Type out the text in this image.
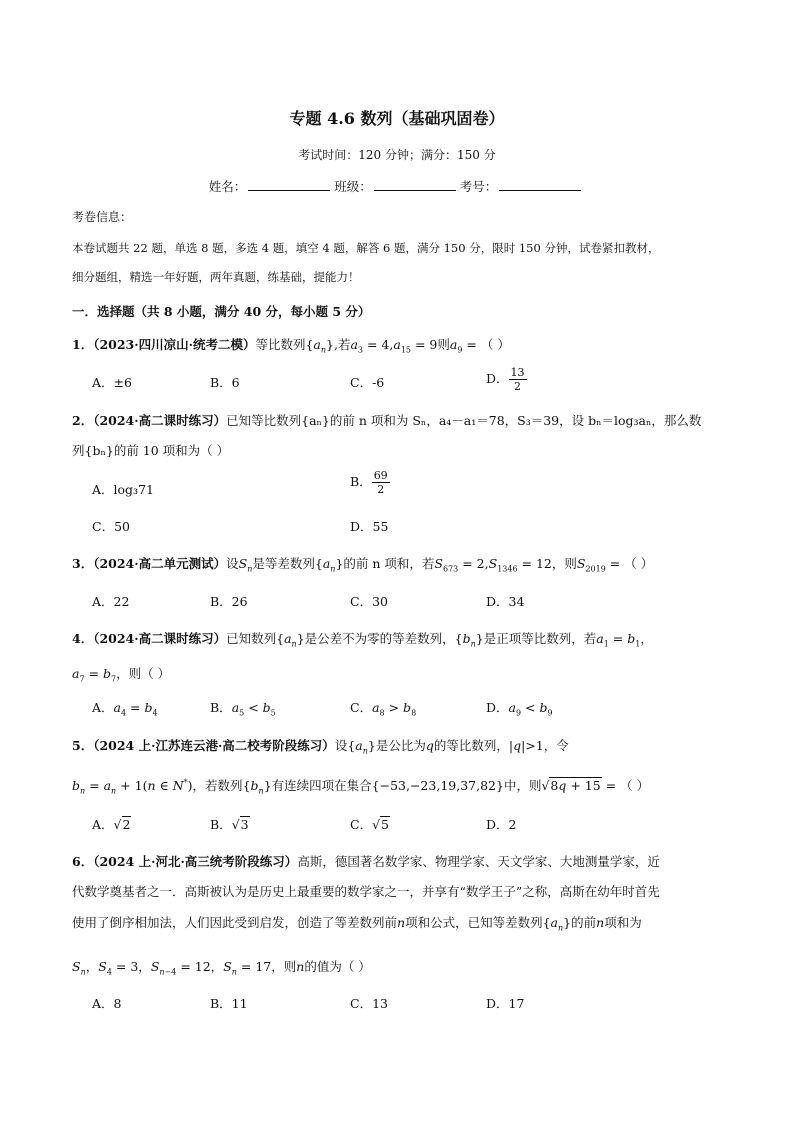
专题 4.6 数列（基础巩固卷）
考试时间：120 分钟；满分：150 分
姓名：	班级：	考号：
考卷信息：
本卷试题共 22 题，单选 8 题，多选 4 题，填空 4 题，解答 6 题，满分 150 分，限时 150 分钟，试卷紧扣教材，
细分题组，精选一年好题，两年真题，练基础，提能力！
一．选择题（共 8 小题，满分 40 分，每小题 5 分）
1．（2023·四川凉山·统考二模）等比数列$\{a_n\}$,若$a_3 = 4,a_{15} = 9$则$a_9$ = （ ）
A．±6	B．6	C．-6	D． $\frac{13}{2}$
2．（2024·高二课时练习）已知等比数列{aₙ}的前 n 项和为 Sₙ，a₄－a₁＝78，S₃＝39，设 bₙ＝log₃aₙ，那么数
列{bₙ}的前 10 项和为（ ）
A．log₃71
B． $\frac{69}{2}$
C．50	D．55
3．（2024·高二单元测试）设$S_n$是等差数列$\{a_n\}$的前 n 项和，若$S_{673} = 2,S_{1346} = 12$，则$S_{2019}$ = （ ）
A．22	B．26	C．30	D．34
4．（2024·高二课时练习）已知数列$\{a_n\}$是公差不为零的等差数列，$\{b_n\}$是正项等比数列，若$a_1 = b_1$，
$a_7 = b_7$，则（ ）
A．$a_4 = b_4$	B．$a_5 < b_5$	C．$a_8 > b_8$	D．$a_9 < b_9$
5．（2024 上·江苏连云港·高二校考阶段练习）设$\{a_n\}$是公比为q的等比数列，|q|>1，令
$b_n = a_n + 1(n$ ∈ N*)，若数列$\{b_n\}$有连续四项在集合{−53,−23,19,37,82}中，则√8q + 15 = （ ）
A．√2	B．√3	C．√5	D．2
6．（2024 上·河北·高三统考阶段练习）高斯，德国著名数学家、物理学家、天文学家、大地测量学家，近
代数学奠基者之一．高斯被认为是历史上最重要的数学家之一，并享有“数学王子”之称，高斯在幼年时首先
使用了倒序相加法，人们因此受到启发，创造了等差数列前n项和公式，已知等差数列$\{a_n\}$的前n项和为
$S_n$，$S_4 = 3$，$S_{n-4} = 12$，$S_n = 17$，则n的值为（ ）
A．8	B．11	C．13	D．17
